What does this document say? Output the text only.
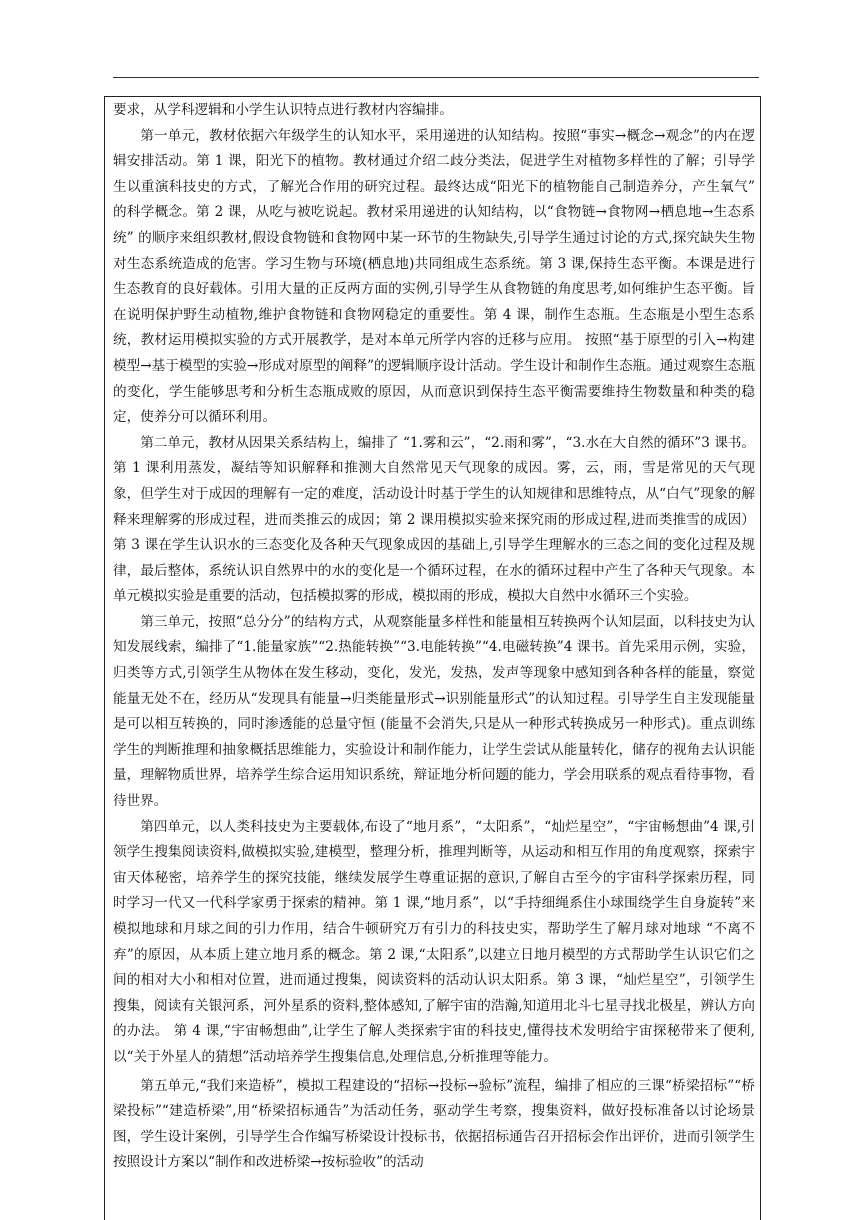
要求，从学科逻辑和小学生认识特点进行教材内容编排。

第一单元，教材依据六年级学生的认知水平，采用递进的认知结构。按照“事实→概念→观念”的内在逻辑安排活动。第 1 课，阳光下的植物。教材通过介绍二歧分类法，促进学生对植物多样性的了解；引导学生以重演科技史的方式，了解光合作用的研究过程。最终达成“阳光下的植物能自己制造养分，产生氧气” 的科学概念。第 2 课，从吃与被吃说起。教材采用递进的认知结构，以“食物链→食物网→栖息地→生态系统” 的顺序来组织教材,假设食物链和食物网中某一环节的生物缺失,引导学生通过讨论的方式,探究缺失生物对生态系统造成的危害。学习生物与环境(栖息地)共同组成生态系统。第 3 课,保持生态平衡。本课是进行生态教育的良好载体。引用大量的正反两方面的实例,引导学生从食物链的角度思考,如何维护生态平衡。旨在说明保护野生动植物,维护食物链和食物网稳定的重要性。第 4 课，制作生态瓶。生态瓶是小型生态系统，教材运用模拟实验的方式开展教学，是对本单元所学内容的迁移与应用。 按照“基于原型的引入→构建模型→基于模型的实验→形成对原型的阐释”的逻辑顺序设计活动。学生设计和制作生态瓶。通过观察生态瓶的变化，学生能够思考和分析生态瓶成败的原因，从而意识到保持生态平衡需要维持生物数量和种类的稳定，使养分可以循环利用。

第二单元，教材从因果关系结构上，编排了 “1.雾和云”，“2.雨和雾”，“3.水在大自然的循环”3 课书。第 1 课利用蒸发，凝结等知识解释和推测大自然常见天气现象的成因。雾，云，雨，雪是常见的天气现象，但学生对于成因的理解有一定的难度，活动设计时基于学生的认知规律和思维特点，从“白气”现象的解释来理解雾的形成过程，进而类推云的成因；第 2 课用模拟实验来探究雨的形成过程,进而类推雪的成因）第 3 课在学生认识水的三态变化及各种天气现象成因的基础上,引导学生理解水的三态之间的变化过程及规律，最后整体，系统认识自然界中的水的变化是一个循环过程，在水的循环过程中产生了各种天气现象。本单元模拟实验是重要的活动，包括模拟雾的形成，模拟雨的形成，模拟大自然中水循环三个实验。

第三单元，按照“总分分”的结构方式，从观察能量多样性和能量相互转换两个认知层面，以科技史为认知发展线索，编排了“1.能量家族”“2.热能转换”“3.电能转换”“4.电磁转换”4 课书。首先采用示例，实验，归类等方式,引领学生从物体在发生移动，变化，发光，发热，发声等现象中感知到各种各样的能量，察觉能量无处不在，经历从“发现具有能量→归类能量形式→识别能量形式”的认知过程。引导学生自主发现能量是可以相互转换的，同时渗透能的总量守恒 (能量不会消失,只是从一种形式转换成另一种形式)。重点训练学生的判断推理和抽象概括思维能力，实验设计和制作能力，让学生尝试从能量转化，储存的视角去认识能量，理解物质世界，培养学生综合运用知识系统，辩证地分析问题的能力，学会用联系的观点看待事物，看待世界。

第四单元，以人类科技史为主要载体,布设了“地月系”，“太阳系”，“灿烂星空”，“宇宙畅想曲”4 课,引领学生搜集阅读资料,做模拟实验,建模型，整理分析，推理判断等，从运动和相互作用的角度观察，探索宇宙天体秘密，培养学生的探究技能，继续发展学生尊重证据的意识,了解自古至今的宇宙科学探索历程，同时学习一代又一代科学家勇于探索的精神。第 1 课,“地月系”，以“手持细绳系住小球围绕学生自身旋转”来模拟地球和月球之间的引力作用，结合牛顿研究万有引力的科技史实，帮助学生了解月球对地球 “不离不弃”的原因，从本质上建立地月系的概念。第 2 课,“太阳系”,以建立日地月模型的方式帮助学生认识它们之间的相对大小和相对位置，进而通过搜集，阅读资料的活动认识太阳系。第 3 课，“灿烂星空”，引领学生搜集，阅读有关银河系，河外星系的资料,整体感知,了解宇宙的浩瀚,知道用北斗七星寻找北极星，辨认方向的办法。 第 4 课,“宇宙畅想曲”,让学生了解人类探索宇宙的科技史,懂得技术发明给宇宙探秘带来了便利,以“关于外星人的猜想”活动培养学生搜集信息,处理信息,分析推理等能力。

第五单元,“我们来造桥”，模拟工程建设的“招标→投标→验标”流程，编排了相应的三课“桥梁招标”“桥梁投标”“建造桥梁”,用“桥梁招标通告”为活动任务，驱动学生考察，搜集资料，做好投标准备以讨论场景图，学生设计案例，引导学生合作编写桥梁设计投标书，依据招标通告召开招标会作出评价，进而引领学生按照设计方案以“制作和改进桥梁→按标验收”的活动
